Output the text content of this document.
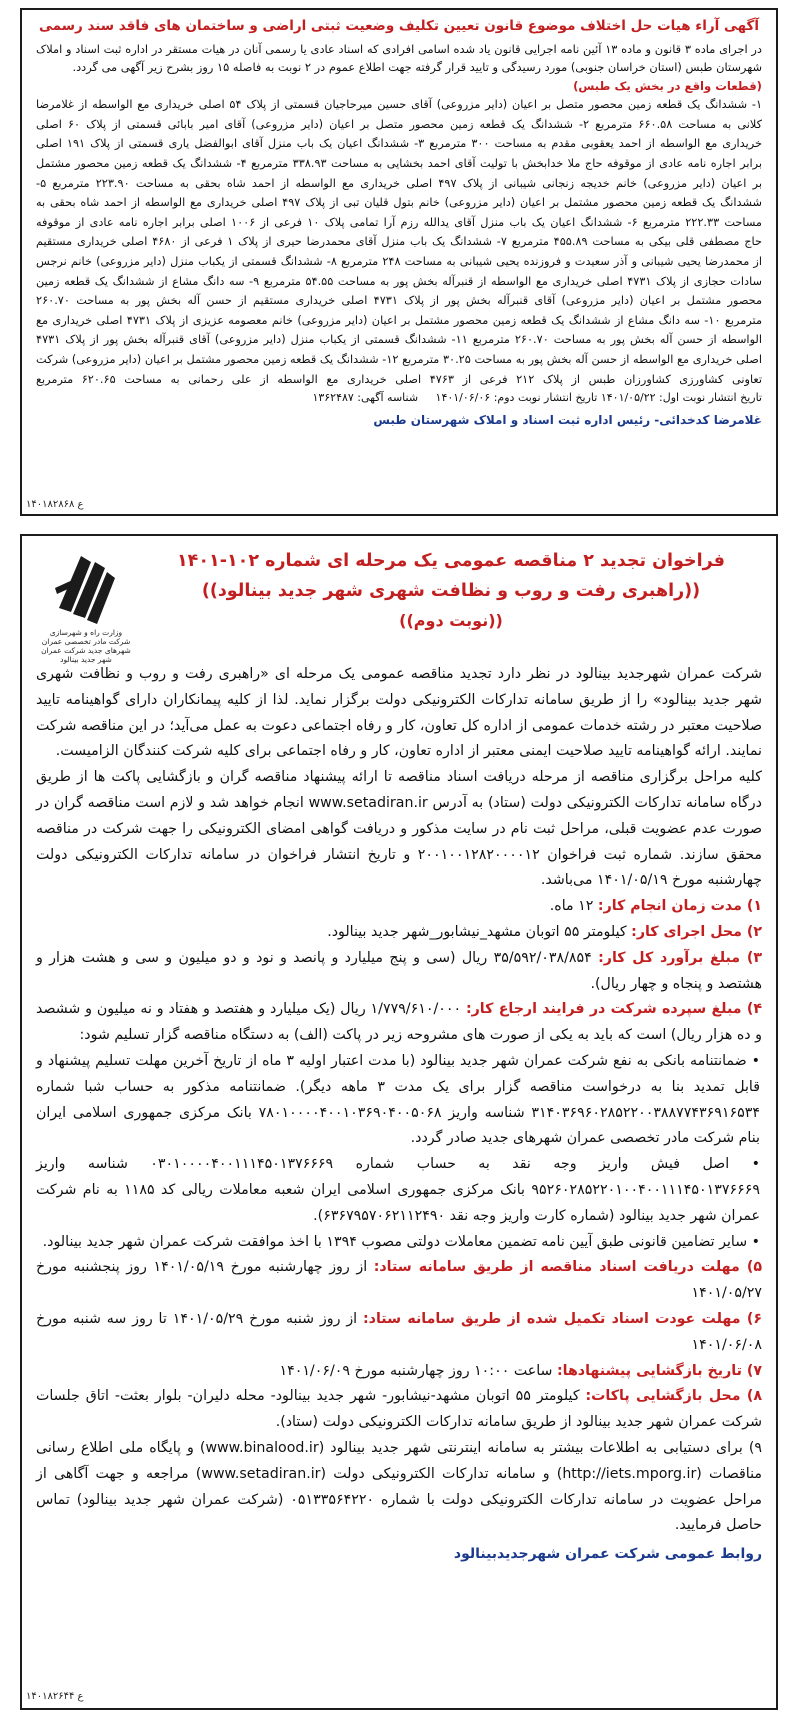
آگهی آراء هیات حل اختلاف موضوع قانون تعیین تکلیف وضعیت ثبتی اراضی و ساختمان های فاقد سند رسمی
در اجرای ماده ۳ قانون و ماده ۱۳ آئین نامه اجرایی قانون یاد شده اسامی افرادی که اسناد عادی یا رسمی آنان در هیات مستقر در اداره ثبت اسناد و املاک شهرستان طبس (استان خراسان جنوبی) مورد رسیدگی و تایید قرار گرفته جهت اطلاع عموم در ۲ نوبت به فاصله ۱۵ روز بشرح زیر آگهی می گردد.
(قطعات واقع در بخش یک طبس)
۱- ششدانگ یک قطعه زمین محصور متصل بر اعیان (دایر مزروعی) آقای حسین میرحاجیان قسمتی از پلاک ۵۴ اصلی خریداری مع الواسطه از غلامرضا
کلانی به مساحت ۶۶۰.۵۸ مترمربع ۲- ششدانگ یک قطعه زمین محصور متصل بر اعیان (دایر مزروعی) آقای امیر بابائی قسمتی از پلاک ۶۰ اصلی
خریداری مع الواسطه از احمد یعقوبی مقدم به مساحت ۳۰۰ مترمربع ۳- ششدانگ اعیان یک باب منزل آقای ابوالفضل یاری قسمتی از پلاک ۱۹۱ اصلی
برابر اجاره نامه عادی از موقوفه حاج ملا خدابخش با تولیت آقای احمد بخشایی به مساحت ۳۳۸.۹۳ مترمربع ۴- ششدانگ یک قطعه زمین محصور مشتمل
بر اعیان (دایر مزروعی) خانم خدیجه زنجانی شیبانی از پلاک ۴۹۷ اصلی خریداری مع الواسطه از احمد شاه بحقی به مساحت ۲۲۳.۹۰ مترمربع ۵-
ششدانگ یک قطعه زمین محصور مشتمل بر اعیان (دایر مزروعی) خانم بتول قلیان تبی از پلاک ۴۹۷ اصلی خریداری مع الواسطه از احمد شاه بحقی به
مساحت ۲۲۲.۳۳ مترمربع ۶- ششدانگ اعیان یک باب منزل آقای یدالله رزم آرا تمامی پلاک ۱۰ فرعی از ۱۰۰۶ اصلی برابر اجاره نامه عادی از موقوفه
حاج مصطفی قلی بیکی به مساحت ۴۵۵.۸۹ مترمربع ۷- ششدانگ یک باب منزل آقای محمدرضا حیری از پلاک ۱ فرعی از ۴۶۸۰ اصلی خریداری مستقیم
از محمدرضا یحیی شیبانی و آذر سعیدت و فروزنده یحیی شیبانی به مساحت ۲۴۸ مترمربع ۸- ششدانگ قسمتی از یکباب منزل (دایر مزروعی) خانم نرجس
سادات حجازی از پلاک ۴۷۳۱ اصلی خریداری مع الواسطه از قنبرآله بخش پور به مساحت ۵۴.۵۵ مترمربع ۹- سه دانگ مشاع از ششدانگ یک قطعه زمین
محصور مشتمل بر اعیان (دایر مزروعی) آقای قنبرآله بخش پور از پلاک ۴۷۳۱ اصلی خریداری مستقیم از حسن آله بخش پور به مساحت ۲۶۰.۷۰
مترمربع ۱۰- سه دانگ مشاع از ششدانگ یک قطعه زمین محصور مشتمل بر اعیان (دایر مزروعی) خانم معصومه عزیزی از پلاک ۴۷۳۱ اصلی خریداری مع
الواسطه از حسن آله بخش پور به مساحت ۲۶۰.۷۰ مترمربع ۱۱- ششدانگ قسمتی از یکباب منزل (دایر مزروعی) آقای قنبرآله بخش پور از پلاک ۴۷۳۱
اصلی خریداری مع الواسطه از حسن آله بخش پور به مساحت ۳۰.۲۵ مترمربع ۱۲- ششدانگ یک قطعه زمین محصور مشتمل بر اعیان (دایر مزروعی) شرکت
تعاونی کشاورزی کشاورزان طبس از پلاک ۲۱۲ فرعی از ۴۷۶۳ اصلی خریداری مع الواسطه از علی رحمانی به مساحت ۶۲۰.۶۵ مترمربع
تاریخ انتشار نوبت اول: ۱۴۰۱/۰۵/۲۲ تاریخ انتشار نوبت دوم: ۱۴۰۱/۰۶/۰۶     شناسه آگهی: ۱۳۶۲۴۸۷
غلامرضا کدخدائی- رئیس اداره ثبت اسناد و املاک شهرستان طبس
۱۴۰۱۸۲۸۶۸ ع
وزارت راه و شهرسازی شرکت مادر تخصصی عمران شهرهای جدید شرکت عمران شهر جدید بینالود
فراخوان تجدید ۲ مناقصه عمومی یک مرحله ای شماره ۱۰۲-۱۴۰۱
((راهبری رفت و روب و نظافت شهری شهر جدید بینالود))
((نوبت دوم))

شرکت عمران شهرجدید بینالود در نظر دارد تجدید مناقصه عمومی یک مرحله ای «راهبری رفت و روب و نظافت شهری شهر جدید بینالود» را از طریق سامانه تدارکات الکترونیکی دولت برگزار نماید. لذا از کلیه پیمانکاران دارای گواهینامه تایید صلاحیت معتبر در رشته خدمات عمومی از اداره کل تعاون، کار و رفاه اجتماعی دعوت به عمل می‌آید؛ در این مناقصه شرکت نمایند. ارائه گواهینامه تایید صلاحیت ایمنی معتبر از اداره تعاون، کار و رفاه اجتماعی برای کلیه شرکت کنندگان الزامیست.

کلیه مراحل برگزاری مناقصه از مرحله دریافت اسناد مناقصه تا ارائه پیشنهاد مناقصه گران و بازگشایی پاکت ها از طریق درگاه سامانه تدارکات الکترونیکی دولت (ستاد) به آدرس www.setadiran.ir انجام خواهد شد و لازم است مناقصه گران در صورت عدم عضویت قبلی، مراحل ثبت نام در سایت مذکور و دریافت گواهی امضای الکترونیکی را جهت شرکت در مناقصه محقق سازند. شماره ثبت فراخوان ۲۰۰۱۰۰۱۲۸۲۰۰۰۰۱۲ و تاریخ انتشار فراخوان در سامانه تدارکات الکترونیکی دولت چهارشنبه مورخ ۱۴۰۱/۰۵/۱۹ می‌باشد.

۱) مدت زمان انجام کار: ۱۲ ماه.

۲) محل اجرای کار: کیلومتر ۵۵ اتوبان مشهد_نیشابور_شهر جدید بینالود.

۳) مبلغ برآورد کل کار: ۳۵/۵۹۲/۰۳۸/۸۵۴ ریال (سی و پنج میلیارد و پانصد و نود و دو میلیون و سی و هشت هزار و هشتصد و پنجاه و چهار ریال).

۴) مبلغ سپرده شرکت در فرایند ارجاع کار: ۱/۷۷۹/۶۱۰/۰۰۰ ریال (یک میلیارد و هفتصد و هفتاد و نه میلیون و ششصد و ده هزار ریال) است که باید به یکی از صورت های مشروحه زیر در پاکت (الف) به دستگاه مناقصه گزار تسلیم شود:

• ضمانتنامه بانکی به نفع شرکت عمران شهر جدید بینالود (با مدت اعتبار اولیه ۳ ماه از تاریخ آخرین مهلت تسلیم پیشنهاد و قابل تمدید بنا به درخواست مناقصه گزار برای یک مدت ۳ ماهه دیگر). ضمانتنامه مذکور به حساب شبا شماره ۳۱۴۰۳۶۹۶۰۲۸۵۲۲۰۰۳۸۸۷۷۴۳۶۹۱۶۵۳۴ شناسه واریز ۷۸۰۱۰۰۰۰۴۰۰۱۰۳۶۹۰۴۰۰۵۰۶۸ بانک مرکزی جمهوری اسلامی ایران بنام شرکت مادر تخصصی عمران شهرهای جدید صادر گردد.

• اصل فیش واریز وجه نقد به حساب شماره ۰۳۰۱۰۰۰۰۴۰۰۱۱۱۴۵۰۱۳۷۶۶۶۹ شناسه واریز ۹۵۲۶۰۲۸۵۲۲۰۱۰۰۴۰۰۱۱۱۴۵۰۱۳۷۶۶۶۹ بانک مرکزی جمهوری اسلامی ایران شعبه معاملات ریالی کد ۱۱۸۵ به نام شرکت عمران شهر جدید بینالود (شماره کارت واریز وجه نقد ۶۳۶۷۹۵۷۰۶۲۱۱۲۴۹۰).

• سایر تضامین قانونی طبق آیین نامه تضمین معاملات دولتی مصوب ۱۳۹۴ با اخذ موافقت شرکت عمران شهر جدید بینالود.

۵) مهلت دریافت اسناد مناقصه از طریق سامانه ستاد: از روز چهارشنبه مورخ ۱۴۰۱/۰۵/۱۹ روز پنجشنبه مورخ ۱۴۰۱/۰۵/۲۷

۶) مهلت عودت اسناد تکمیل شده از طریق سامانه ستاد: از روز شنبه مورخ ۱۴۰۱/۰۵/۲۹ تا روز سه شنبه مورخ ۱۴۰۱/۰۶/۰۸

۷) تاریخ بازگشایی پیشنهادها: ساعت ۱۰:۰۰ روز چهارشنبه مورخ ۱۴۰۱/۰۶/۰۹

۸) محل بازگشایی پاکات: کیلومتر ۵۵ اتوبان مشهد-نیشابور- شهر جدید بینالود- محله دلیران- بلوار بعثت- اتاق جلسات شرکت عمران شهر جدید بینالود از طریق سامانه تدارکات الکترونیکی دولت (ستاد).

۹) برای دستیابی به اطلاعات بیشتر به سامانه اینترنتی شهر جدید بینالود (www.binalood.ir) و پایگاه ملی اطلاع رسانی مناقصات (http://iets.mporg.ir) و سامانه تدارکات الکترونیکی دولت (www.setadiran.ir) مراجعه و جهت آگاهی از مراحل عضویت در سامانه تدارکات الکترونیکی دولت با شماره ۰۵۱۳۳۵۶۴۲۲۰ (شرکت عمران شهر جدید بینالود) تماس حاصل فرمایید.

روابط عمومی شرکت عمران شهرجدیدبینالود
۱۴۰۱۸۲۶۴۴ ع
